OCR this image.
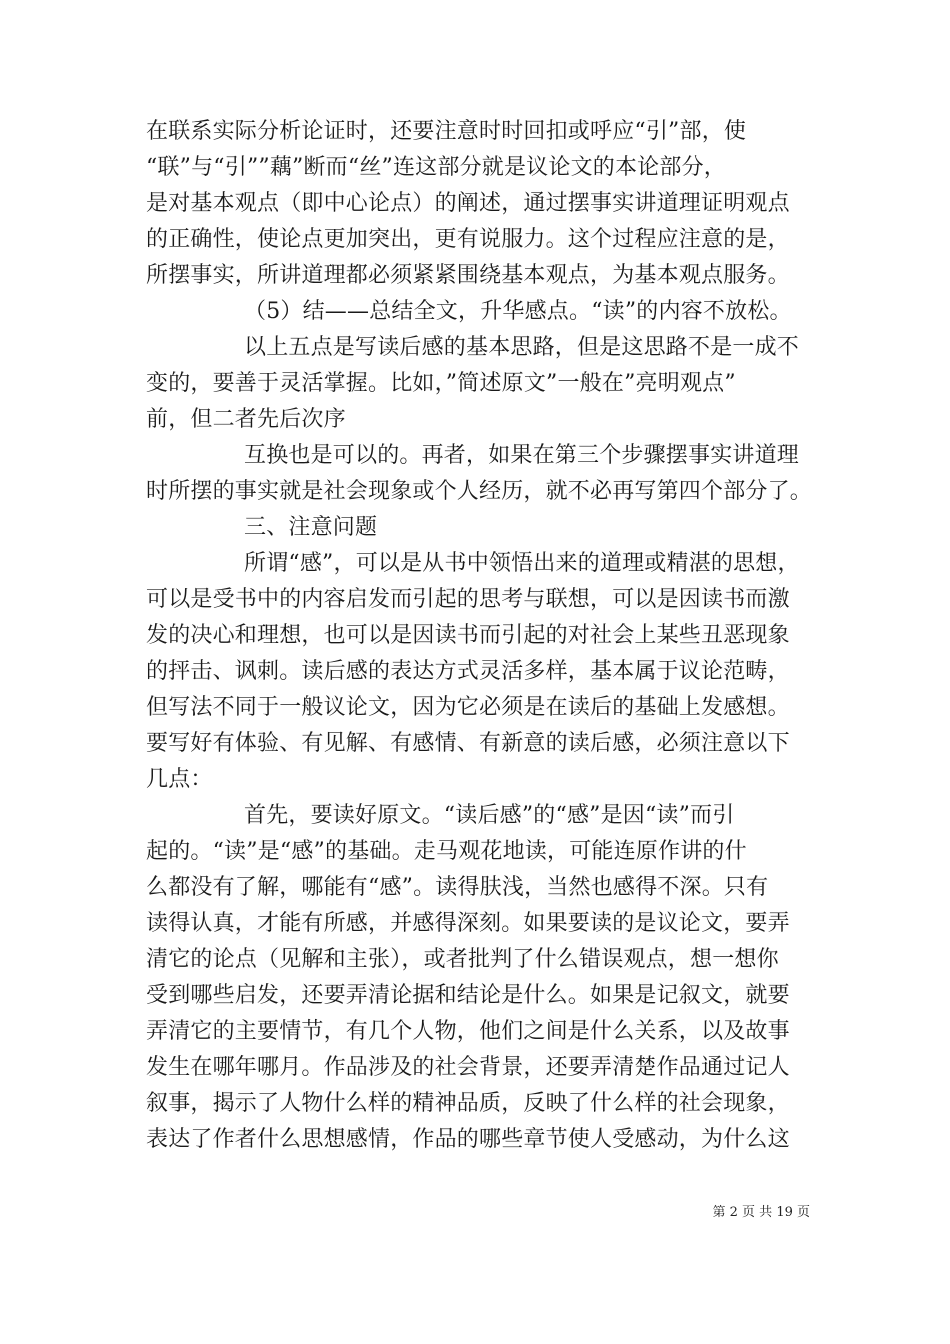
在联系实际分析论证时，还要注意时时回扣或呼应“引”部，使
“联”与“引””藕”断而“丝”连这部分就是议论文的本论部分，
是对基本观点（即中心论点）的阐述，通过摆事实讲道理证明观点
的正确性，使论点更加突出，更有说服力。这个过程应注意的是，
所摆事实，所讲道理都必须紧紧围绕基本观点，为基本观点服务。
（5）结——总结全文，升华感点。“读”的内容不放松。
以上五点是写读后感的基本思路，但是这思路不是一成不
变的，要善于灵活掌握。比如，”简述原文”一般在”亮明观点”
前，但二者先后次序
互换也是可以的。再者，如果在第三个步骤摆事实讲道理
时所摆的事实就是社会现象或个人经历，就不必再写第四个部分了。
三、注意问题
所谓“感”，可以是从书中领悟出来的道理或精湛的思想，
可以是受书中的内容启发而引起的思考与联想，可以是因读书而激
发的决心和理想，也可以是因读书而引起的对社会上某些丑恶现象
的抨击、讽刺。读后感的表达方式灵活多样，基本属于议论范畴，
但写法不同于一般议论文，因为它必须是在读后的基础上发感想。
要写好有体验、有见解、有感情、有新意的读后感，必须注意以下
几点：
首先，要读好原文。“读后感”的“感”是因“读”而引
起的。“读”是“感”的基础。走马观花地读，可能连原作讲的什
么都没有了解，哪能有“感”。读得肤浅，当然也感得不深。只有
读得认真，才能有所感，并感得深刻。如果要读的是议论文，要弄
清它的论点（见解和主张），或者批判了什么错误观点，想一想你
受到哪些启发，还要弄清论据和结论是什么。如果是记叙文，就要
弄清它的主要情节，有几个人物，他们之间是什么关系，以及故事
发生在哪年哪月。作品涉及的社会背景，还要弄清楚作品通过记人
叙事，揭示了人物什么样的精神品质，反映了什么样的社会现象，
表达了作者什么思想感情，作品的哪些章节使人受感动，为什么这
第 2 页 共 19 页
